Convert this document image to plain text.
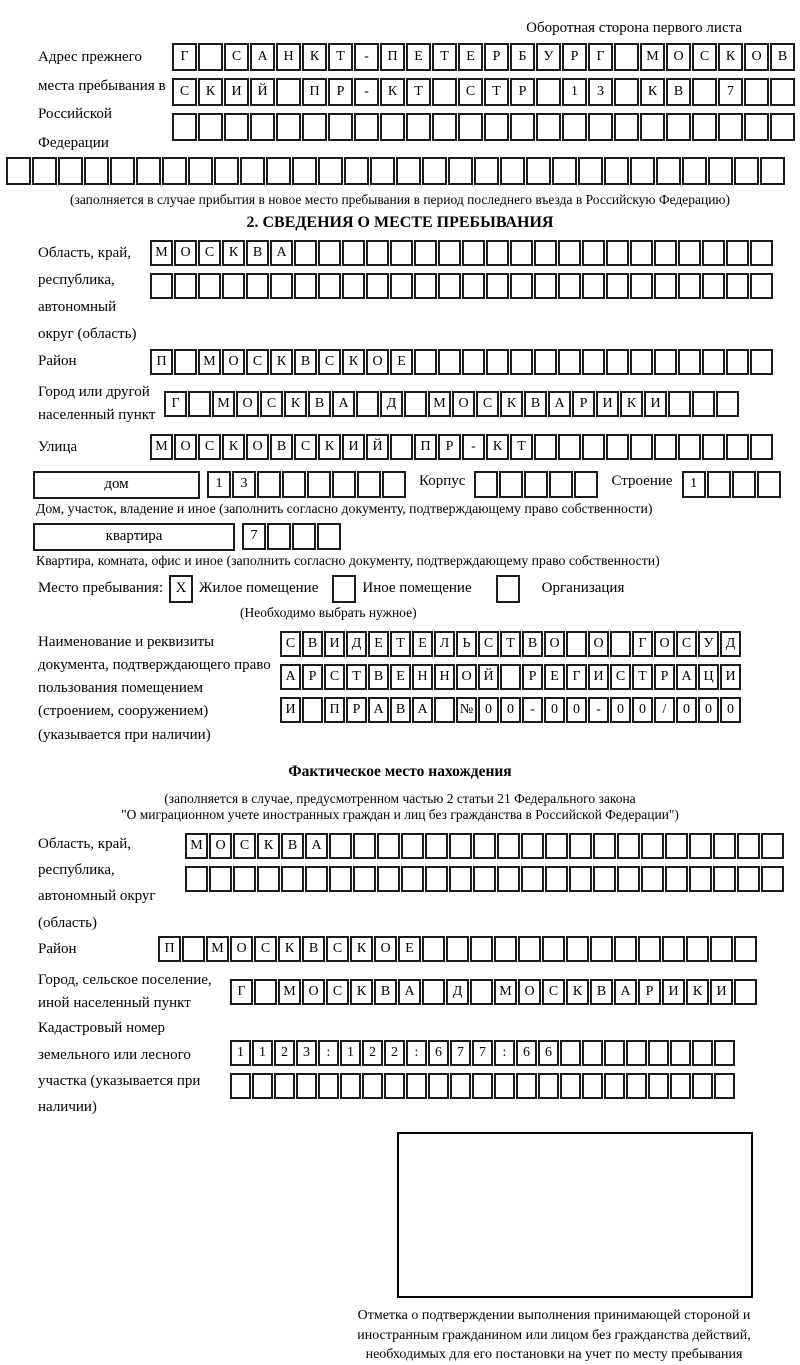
Оборотная сторона первого листа
Адрес прежнего места пребывания в Российской Федерации
Г	С	А	Н	К	Т	-	П	Е	Т	Е	Р	Б	У	Р	Г	М	О	С	К	О	В
С	К	И	Й	П	Р	-	К	Т	С	Т	Р	1	3	К	В	7
(заполняется в случае прибытия в новое место пребывания в период последнего въезда в Российскую Федерацию)
2. СВЕДЕНИЯ О МЕСТЕ ПРЕБЫВАНИЯ
Область, край, республика, автономный округ (область)
М О	С	К	В	А
Район	П	М О	С	К	В	С	К	О	Е
Город или другой населенный пункт
Г	М О	С	К	В	А	Д	М О	С	К	В	А	Р	И	К	И
Улица	М О	С	К	О	В	С	К	И Й	П	Р	-	К	Т
дом	1	3	Корпус	Строение	1
Дом, участок, владение и иное (заполнить согласно документу, подтверждающему право собственности)
квартира	7
Квартира, комната, офис и иное (заполнить согласно документу, подтверждающему право собственности)
Место пребывания: X Жилое помещение	Иное помещение	Организация
(Необходимо выбрать нужное)
Наименование и реквизиты документа, подтверждающего право пользования помещением (строением, сооружением) (указывается при наличии)
С В И Д Е Т Е Л Ь С Т В О	О	Г О С У Д
А Р С Т В Е Н Н О Й	Р Е Г И С Т Р А Ц И
И	П Р А В А	№ 0	0	-	0	0	-	0	0	/	0	0	0
Фактическое место нахождения
(заполняется в случае, предусмотренном частью 2 статьи 21 Федерального закона
"О миграционном учете иностранных граждан и лиц без гражданства в Российской Федерации")
Область, край, республика, автономный округ (область)
М О	С	К	В	А
Район	П	М О	С	К	В	С	К	О	Е
Город, сельское поселение, иной населенный пункт
Г	М О	С	К	В	А	Д	М О	С	К	В	А	Р	И	К	И
Кадастровый номер земельного или лесного участка (указывается при наличии)
1	1	2	3	:	1	2	2	:	6	7	7	:	6	6
Отметка о подтверждении выполнения принимающей стороной и иностранным гражданином или лицом без гражданства действий, необходимых для его постановки на учет по месту пребывания
